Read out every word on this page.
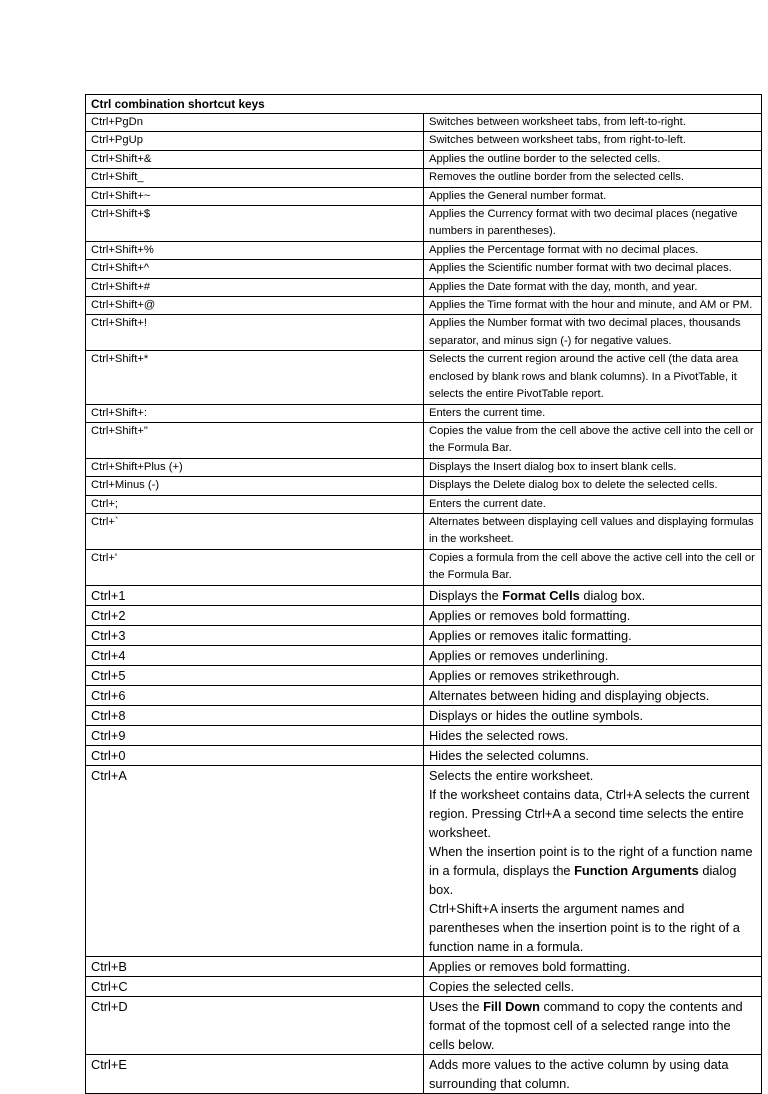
Ctrl combination shortcut keys	
Ctrl+PgDn	Switches between worksheet tabs, from left-to-right.
Ctrl+PgUp	Switches between worksheet tabs, from right-to-left.
Ctrl+Shift+&	Applies the outline border to the selected cells.
Ctrl+Shift_	Removes the outline border from the selected cells.
Ctrl+Shift+~	Applies the General number format.
Ctrl+Shift+$	Applies the Currency format with two decimal places (negative numbers in parentheses).
Ctrl+Shift+%	Applies the Percentage format with no decimal places.
Ctrl+Shift+^	Applies the Scientific number format with two decimal places.
Ctrl+Shift+#	Applies the Date format with the day, month, and year.
Ctrl+Shift+@	Applies the Time format with the hour and minute, and AM or PM.
Ctrl+Shift+!	Applies the Number format with two decimal places, thousands separator, and minus sign (-) for negative values.
Ctrl+Shift+*	Selects the current region around the active cell (the data area enclosed by blank rows and blank columns). In a PivotTable, it selects the entire PivotTable report.
Ctrl+Shift+:	Enters the current time.
Ctrl+Shift+"	Copies the value from the cell above the active cell into the cell or the Formula Bar.
Ctrl+Shift+Plus (+)	Displays the Insert dialog box to insert blank cells.
Ctrl+Minus (-)	Displays the Delete dialog box to delete the selected cells.
Ctrl+;	Enters the current date.
Ctrl+`	Alternates between displaying cell values and displaying formulas in the worksheet.
Ctrl+'	Copies a formula from the cell above the active cell into the cell or the Formula Bar.
Ctrl+1	Displays the Format Cells dialog box.

Ctrl+2	Applies or removes bold formatting.
Ctrl+3	Applies or removes italic formatting.
Ctrl+4	Applies or removes underlining.
Ctrl+5	Applies or removes strikethrough.
Ctrl+6	Alternates between hiding and displaying objects.
Ctrl+8	Displays or hides the outline symbols.
Ctrl+9	Hides the selected rows.
Ctrl+0	Hides the selected columns.
Ctrl+A	Selects the entire worksheet.
If the worksheet contains data, Ctrl+A selects the current region. Pressing Ctrl+A a second time selects the entire worksheet.
When the insertion point is to the right of a function name in a formula, displays the Function Arguments dialog box.
Ctrl+Shift+A inserts the argument names and parentheses when the insertion point is to the right of a function name in a formula.

Ctrl+B	Applies or removes bold formatting.
Ctrl+C	Copies the selected cells.
Ctrl+D	Uses the Fill Down command to copy the contents and format of the topmost cell of a selected range into the cells below.

Ctrl+E	Adds more values to the active column by using data surrounding that column.
